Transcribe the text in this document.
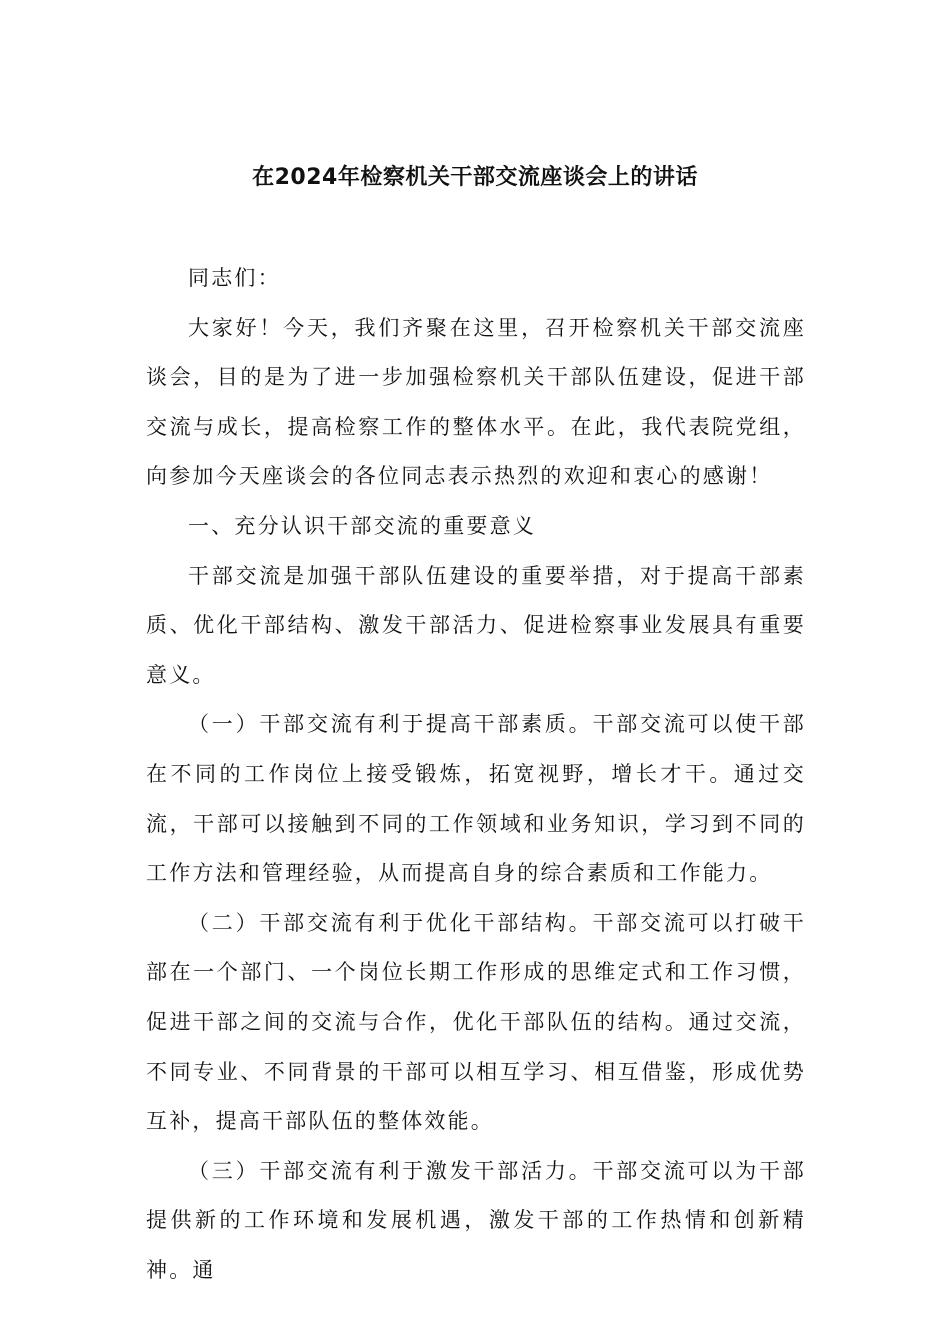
在2024年检察机关干部交流座谈会上的讲话

同志们：

大家好！今天，我们齐聚在这里，召开检察机关干部交流座谈会，目的是为了进一步加强检察机关干部队伍建设，促进干部交流与成长，提高检察工作的整体水平。在此，我代表院党组，向参加今天座谈会的各位同志表示热烈的欢迎和衷心的感谢！

一、充分认识干部交流的重要意义

干部交流是加强干部队伍建设的重要举措，对于提高干部素质、优化干部结构、激发干部活力、促进检察事业发展具有重要意义。

（一）干部交流有利于提高干部素质。干部交流可以使干部在不同的工作岗位上接受锻炼，拓宽视野，增长才干。通过交流，干部可以接触到不同的工作领域和业务知识，学习到不同的工作方法和管理经验，从而提高自身的综合素质和工作能力。

（二）干部交流有利于优化干部结构。干部交流可以打破干部在一个部门、一个岗位长期工作形成的思维定式和工作习惯，促进干部之间的交流与合作，优化干部队伍的结构。通过交流，不同专业、不同背景的干部可以相互学习、相互借鉴，形成优势互补，提高干部队伍的整体效能。

（三）干部交流有利于激发干部活力。干部交流可以为干部提供新的工作环境和发展机遇，激发干部的工作热情和创新精神。通
